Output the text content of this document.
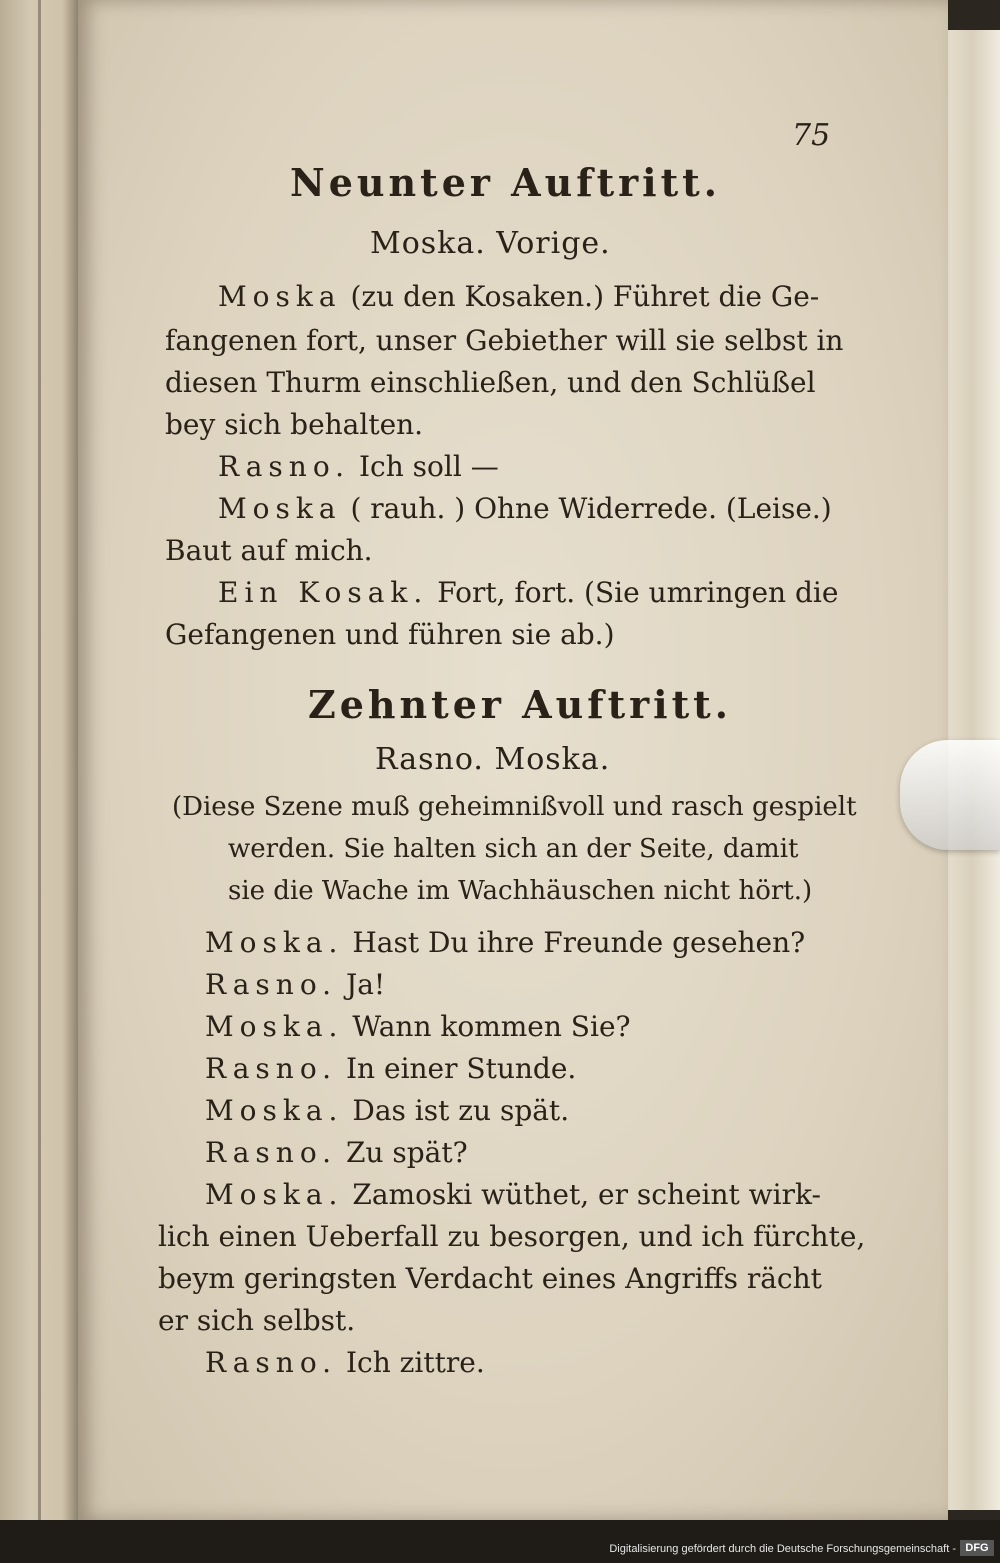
75
Neunter Auftritt.
Moska. Vorige.
Moska (zu den Kosaken.) Führet die Ge-
fangenen fort, unser Gebiether will sie selbst in
diesen Thurm einschließen, und den Schlüßel
bey sich behalten.
Rasno. Ich soll —
Moska ( rauh. ) Ohne Widerrede. (Leise.)
Baut auf mich.
Ein Kosak. Fort, fort. (Sie umringen die
Gefangenen und führen sie ab.)
Zehnter Auftritt.
Rasno. Moska.
(Diese Szene muß geheimnißvoll und rasch gespielt
werden. Sie halten sich an der Seite, damit
sie die Wache im Wachhäuschen nicht hört.)
Moska. Hast Du ihre Freunde gesehen?
Rasno. Ja!
Moska. Wann kommen Sie?
Rasno. In einer Stunde.
Moska. Das ist zu spät.
Rasno. Zu spät?
Moska. Zamoski wüthet, er scheint wirk-
lich einen Ueberfall zu besorgen, und ich fürchte,
beym geringsten Verdacht eines Angriffs rächt
er sich selbst.
Rasno. Ich zittre.
Digitalisierung gefördert durch die Deutsche Forschungsgemeinschaft - DFG
